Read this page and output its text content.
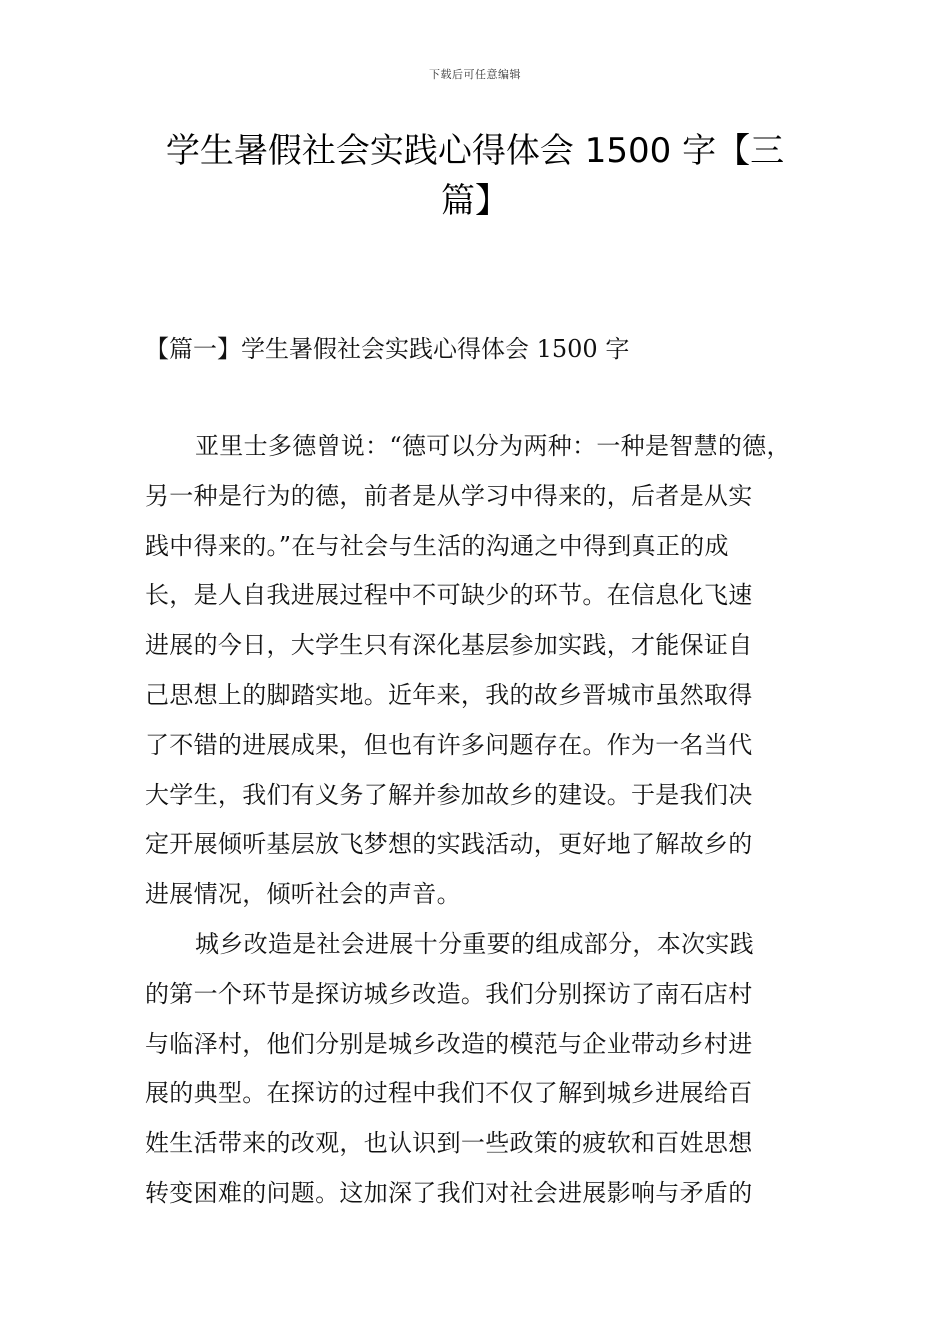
下载后可任意编辑
学生暑假社会实践心得体会 1500 字【三
篇】
【篇一】学生暑假社会实践心得体会 1500 字
亚里士多德曾说：“德可以分为两种：一种是智慧的德，
另一种是行为的德，前者是从学习中得来的，后者是从实
践中得来的。”在与社会与生活的沟通之中得到真正的成
长，是人自我进展过程中不可缺少的环节。在信息化飞速
进展的今日，大学生只有深化基层参加实践，才能保证自
己思想上的脚踏实地。近年来，我的故乡晋城市虽然取得
了不错的进展成果，但也有许多问题存在。作为一名当代
大学生，我们有义务了解并参加故乡的建设。于是我们决
定开展倾听基层放飞梦想的实践活动，更好地了解故乡的
进展情况，倾听社会的声音。
城乡改造是社会进展十分重要的组成部分，本次实践
的第一个环节是探访城乡改造。我们分别探访了南石店村
与临泽村，他们分别是城乡改造的模范与企业带动乡村进
展的典型。在探访的过程中我们不仅了解到城乡进展给百
姓生活带来的改观，也认识到一些政策的疲软和百姓思想
转变困难的问题。这加深了我们对社会进展影响与矛盾的
